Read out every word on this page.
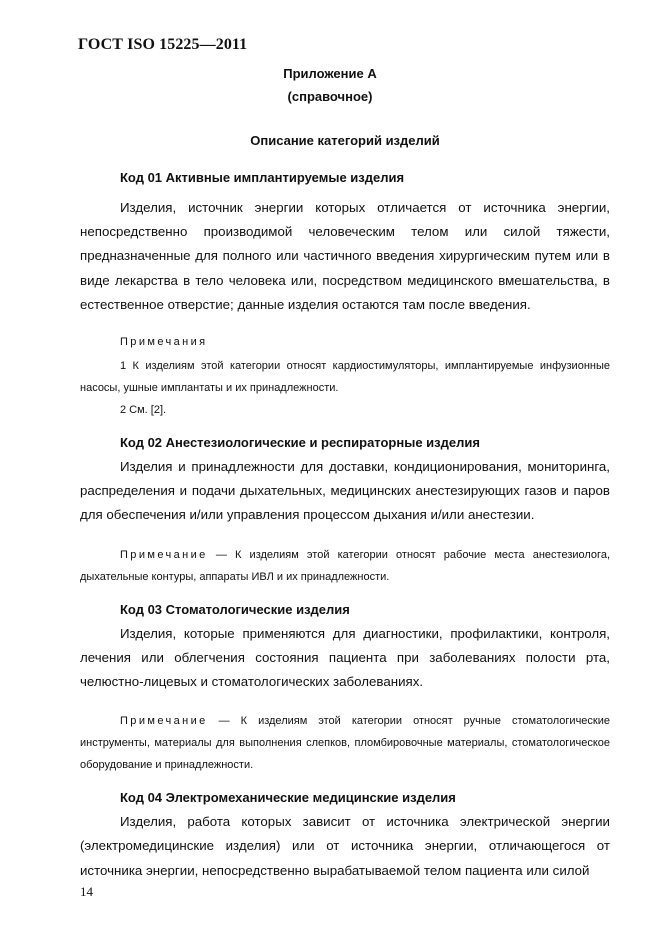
ГОСТ ISO 15225—2011
Приложение А
(справочное)
Описание категорий изделий

Код 01 Активные имплантируемые изделия

Изделия, источник энергии которых отличается от источника энергии, непосредственно производимой человеческим телом или силой тяжести, предназначенные для полного или частичного введения хирургическим путем или в виде лекарства в тело человека или, посредством медицинского вмешательства, в естественное отверстие; данные изделия остаются там после введения.

Примечания

1 К изделиям этой категории относят кардиостимуляторы, имплантируемые инфузионные насосы, ушные имплантаты и их принадлежности.

2 См. [2].

Код 02 Анестезиологические и респираторные изделия

Изделия и принадлежности для доставки, кондиционирования, мониторинга, распределения и подачи дыхательных, медицинских анестезирующих газов и паров для обеспечения и/или управления процессом дыхания и/или анестезии.

Примечание — К изделиям этой категории относят рабочие места анестезиолога, дыхательные контуры, аппараты ИВЛ и их принадлежности.

Код 03 Стоматологические изделия

Изделия, которые применяются для диагностики, профилактики, контроля, лечения или облегчения состояния пациента при заболеваниях полости рта, челюстно-лицевых и стоматологических заболеваниях.

Примечание — К изделиям этой категории относят ручные стоматологические инструменты, материалы для выполнения слепков, пломбировочные материалы, стоматологическое оборудование и принадлежности.

Код 04 Электромеханические медицинские изделия

Изделия, работа которых зависит от источника электрической энергии (электромедицинские изделия) или от источника энергии, отличающегося от источника энергии, непосредственно вырабатываемой телом пациента или силой

14
